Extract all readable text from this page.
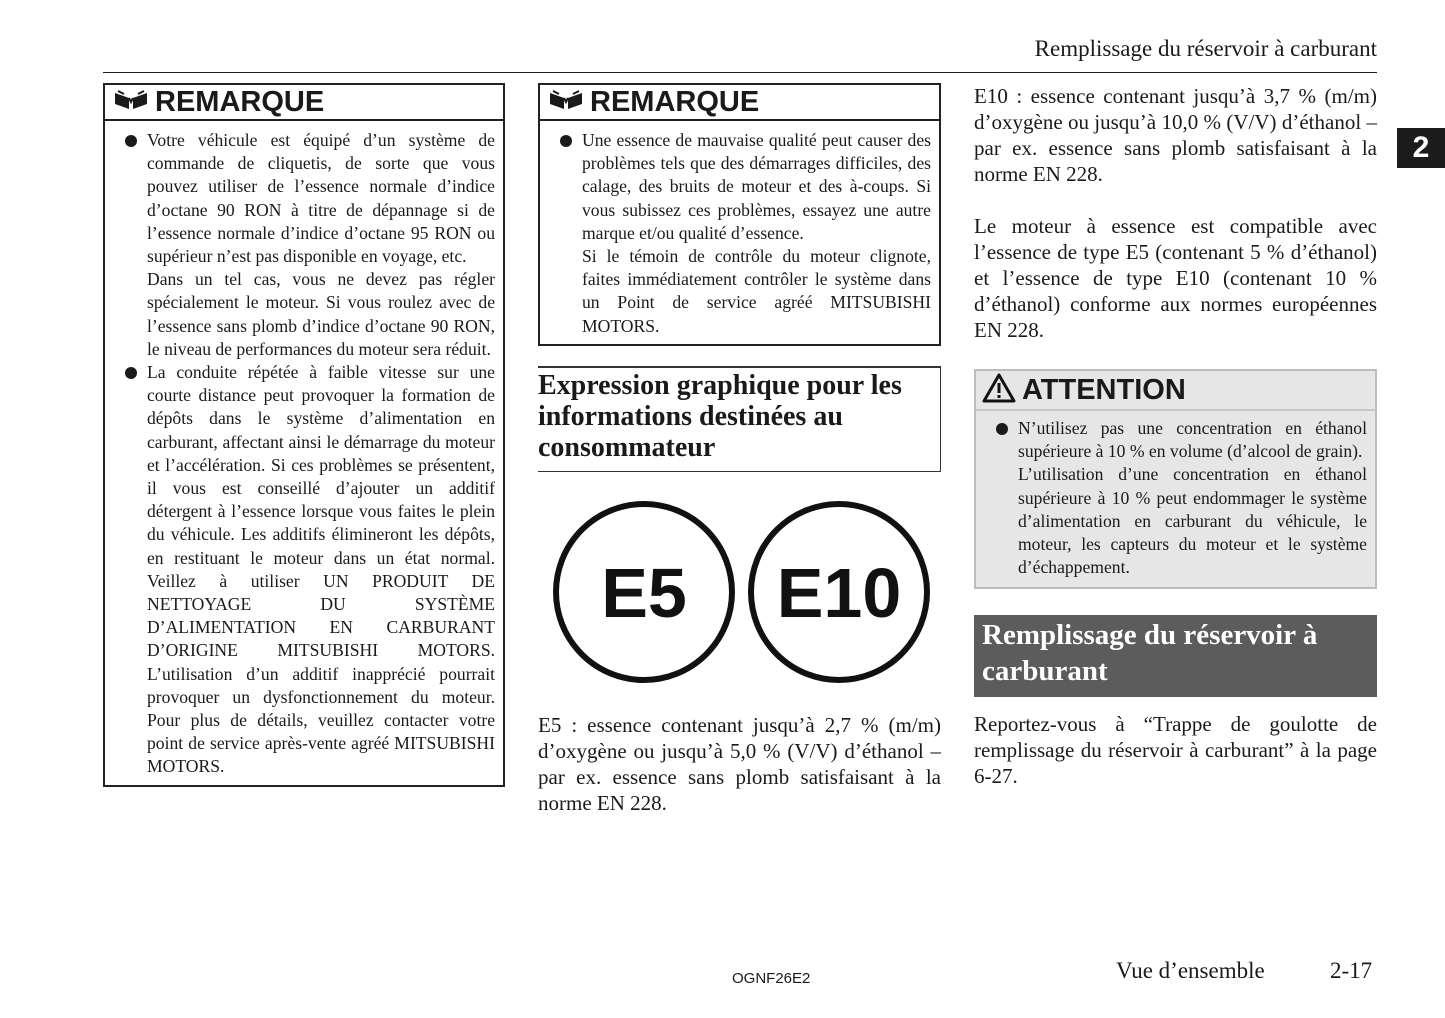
Remplissage du réservoir à carburant
2
REMARQUE

Votre véhicule est équipé d’un système de commande de cliquetis, de sorte que vous pouvez utiliser de l’essence normale d’indice d’octane 90 RON à titre de dépannage si de l’essence normale d’indice d’octane 95 RON ou supérieur n’est pas disponible en voyage, etc.

Dans un tel cas, vous ne devez pas régler spécialement le moteur. Si vous roulez avec de l’essence sans plomb d’indice d’octane 90 RON, le niveau de performances du moteur sera réduit.

La conduite répétée à faible vitesse sur une courte distance peut provoquer la formation de dépôts dans le système d’alimentation en carburant, affectant ainsi le démarrage du moteur et l’accélération. Si ces problèmes se présentent, il vous est conseillé d’ajouter un additif détergent à l’essence lorsque vous faites le plein du véhicule. Les additifs élimineront les dépôts, en restituant le moteur dans un état normal. Veillez à utiliser UN PRODUIT DE NETTOYAGE DU SYSTÈME D’ALIMENTATION EN CARBURANT D’ORIGINE MITSUBISHI MOTORS. L’utilisation d’un additif inapprécié pourrait provoquer un dysfonctionnement du moteur. Pour plus de détails, veuillez contacter votre point de service après-vente agréé MITSUBISHI MOTORS.

REMARQUE

Une essence de mauvaise qualité peut causer des problèmes tels que des démarrages difficiles, des calage, des bruits de moteur et des à-coups. Si vous subissez ces problèmes, essayez une autre marque et/ou qualité d’essence.

Si le témoin de contrôle du moteur clignote, faites immédiatement contrôler le système dans un Point de service agréé MITSUBISHI MOTORS.

Expression graphique pour les informations destinées au consommateur
E5 E10

E5 : essence contenant jusqu’à 2,7 % (m/m) d’oxygène ou jusqu’à 5,0 % (V/V) d’éthanol – par ex. essence sans plomb satisfaisant à la norme EN 228.

E10 : essence contenant jusqu’à 3,7 % (m/m) d’oxygène ou jusqu’à 10,0 % (V/V) d’éthanol – par ex. essence sans plomb satisfaisant à la norme EN 228.

Le moteur à essence est compatible avec l’essence de type E5 (contenant 5 % d’éthanol) et l’essence de type E10 (contenant 10 % d’éthanol) conforme aux normes européennes EN 228.

ATTENTION

N’utilisez pas une concentration en éthanol supérieure à 10 % en volume (d’alcool de grain).

L’utilisation d’une concentration en éthanol supérieure à 10 % peut endommager le système d’alimentation en carburant du véhicule, le moteur, les capteurs du moteur et le système d’échappement.

Remplissage du réservoir à carburant

Reportez-vous à “Trappe de goulotte de remplissage du réservoir à carburant” à la page 6-27.

OGNF26E2	Vue d’ensemble	2-17
